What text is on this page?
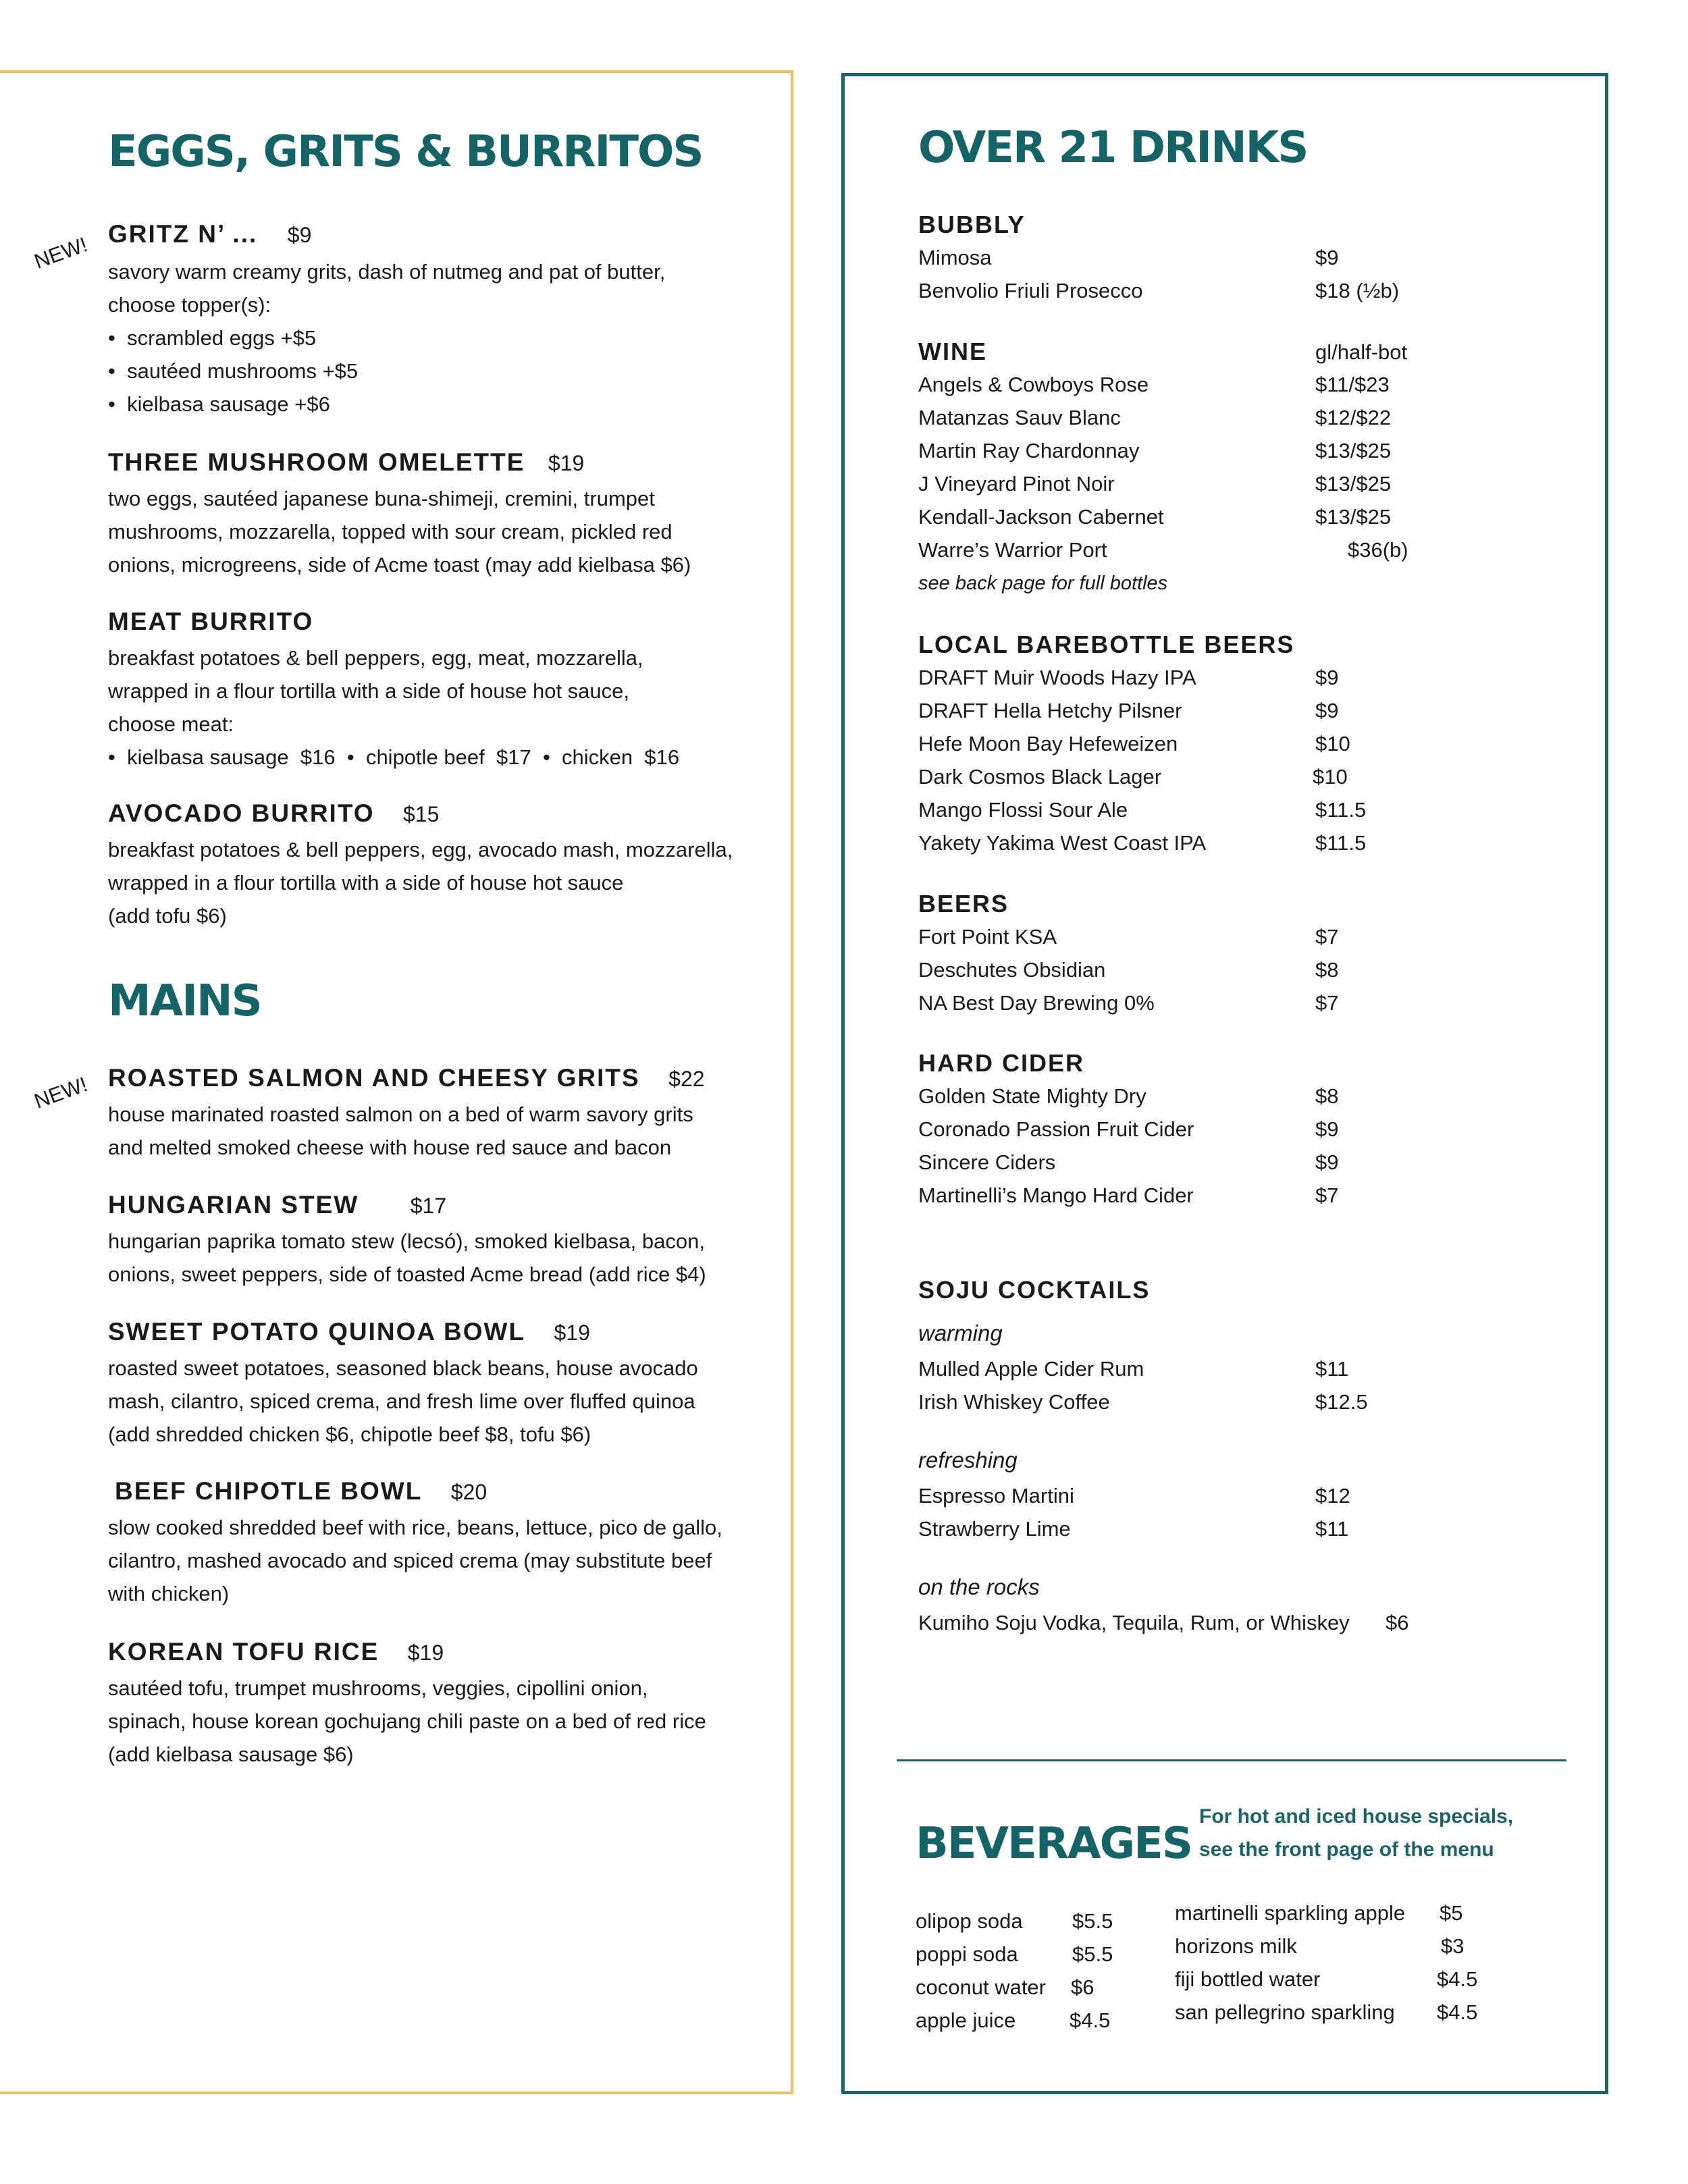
EGGS, GRITS & BURRITOS
NEW! GRITZ N’ ... $9
savory warm creamy grits, dash of nutmeg and pat of butter,
choose topper(s):
•  scrambled eggs +$5
•  sautéed mushrooms +$5
•  kielbasa sausage +$6
THREE MUSHROOM OMELETTE $19
two eggs, sautéed japanese buna-shimeji, cremini, trumpet
mushrooms, mozzarella, topped with sour cream, pickled red
onions, microgreens, side of Acme toast (may add kielbasa $6)
MEAT BURRITO
breakfast potatoes & bell peppers, egg, meat, mozzarella,
wrapped in a flour tortilla with a side of house hot sauce,
choose meat:
•  kielbasa sausage $16  •  chipotle beef $17  •  chicken $16
AVOCADO BURRITO $15
breakfast potatoes & bell peppers, egg, avocado mash, mozzarella,
wrapped in a flour tortilla with a side of house hot sauce
(add tofu $6)
MAINS
NEW! ROASTED SALMON AND CHEESY GRITS $22
house marinated roasted salmon on a bed of warm savory grits
and melted smoked cheese with house red sauce and bacon
HUNGARIAN STEW $17
hungarian paprika tomato stew (lecsó), smoked kielbasa, bacon,
onions, sweet peppers, side of toasted Acme bread (add rice $4)
SWEET POTATO QUINOA BOWL $19
roasted sweet potatoes, seasoned black beans, house avocado
mash, cilantro, spiced crema, and fresh lime over fluffed quinoa
(add shredded chicken $6, chipotle beef $8, tofu $6)
BEEF CHIPOTLE BOWL $20
slow cooked shredded beef with rice, beans, lettuce, pico de gallo,
cilantro, mashed avocado and spiced crema (may substitute beef
with chicken)
KOREAN TOFU RICE $19
sautéed tofu, trumpet mushrooms, veggies, cipollini onion,
spinach, house korean gochujang chili paste on a bed of red rice
(add kielbasa sausage $6)
OVER 21 DRINKS
BUBBLY
Mimosa	$9
Benvolio Friuli Prosecco	$18 (½b)
WINE	gl/half-bot
Angels & Cowboys Rose	$11/$23
Matanzas Sauv Blanc	$12/$22
Martin Ray Chardonnay	$13/$25
J Vineyard Pinot Noir	$13/$25
Kendall-Jackson Cabernet	$13/$25
Warre’s Warrior Port	$36(b)
see back page for full bottles
LOCAL BAREBOTTLE BEERS
DRAFT Muir Woods Hazy IPA	$9
DRAFT Hella Hetchy Pilsner	$9
Hefe Moon Bay Hefeweizen	$10
Dark Cosmos Black Lager	$10
Mango Flossi Sour Ale	$11.5
Yakety Yakima West Coast IPA	$11.5
BEERS
Fort Point KSA	$7
Deschutes Obsidian	$8
NA Best Day Brewing 0%	$7
HARD CIDER
Golden State Mighty Dry	$8
Coronado Passion Fruit Cider	$9
Sincere Ciders	$9
Martinelli’s Mango Hard Cider	$7
SOJU COCKTAILS
warming
Mulled Apple Cider Rum	$11
Irish Whiskey Coffee	$12.5
refreshing
Espresso Martini	$12
Strawberry Lime	$11
on the rocks
Kumiho Soju Vodka, Tequila, Rum, or Whiskey $6
BEVERAGES
For hot and iced house specials,
see the front page of the menu
olipop soda $5.5
poppi soda	$5.5
coconut water $6
apple juice	$4.5
martinelli sparkling apple $5
horizons milk	$3
fiji bottled water	$4.5
san pellegrino sparkling $4.5
